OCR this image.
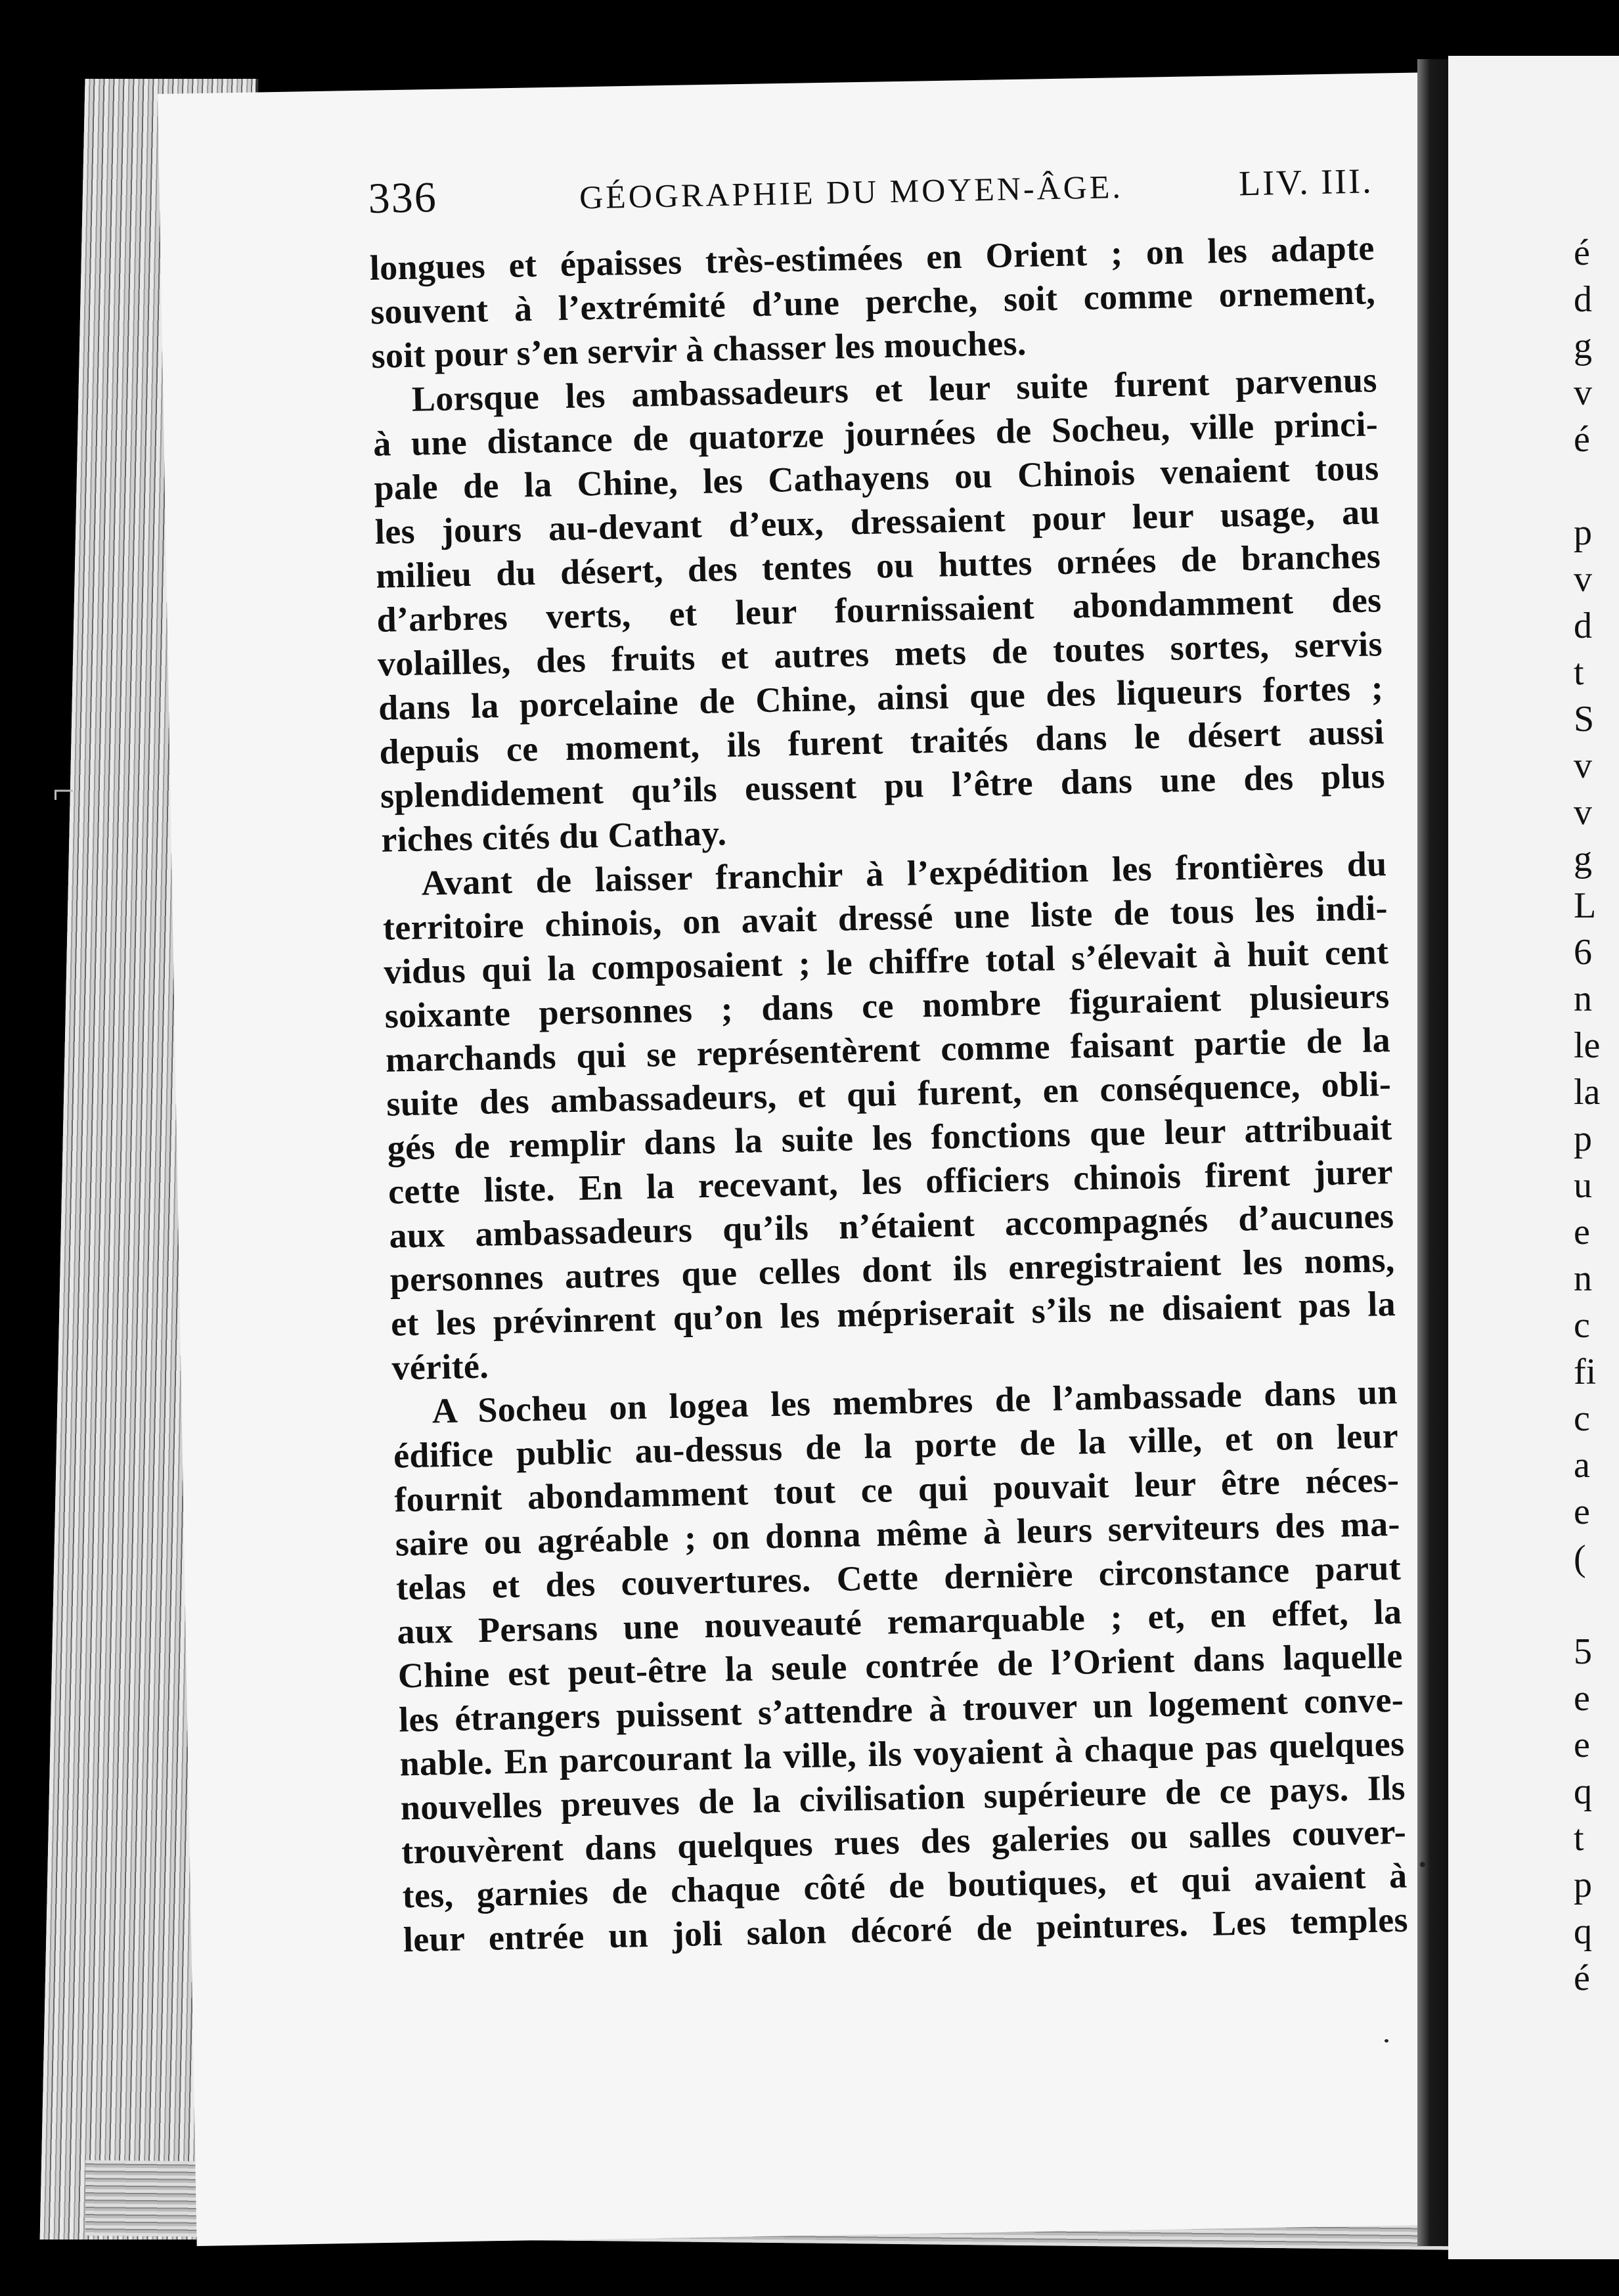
é
d
g
v
é
p
v
d
t
S
v
v
g
L
6
n
le
la
p
u
e
n
c
fi
c
a
e
(
5
e
e
q
t
p
q
é
⌐
336	GÉOGRAPHIE DU MOYEN-ÂGE.	LIV. III.
longues et épaisses très-estimées en Orient ; on les adapte
souvent à l’extrémité d’une perche, soit comme ornement,
soit pour s’en servir à chasser les mouches.
Lorsque les ambassadeurs et leur suite furent parvenus
à une distance de quatorze journées de Socheu, ville princi-
pale de la Chine, les Cathayens ou Chinois venaient tous
les jours au-devant d’eux, dressaient pour leur usage, au
milieu du désert, des tentes ou huttes ornées de branches
d’arbres verts, et leur fournissaient abondamment des
volailles, des fruits et autres mets de toutes sortes, servis
dans la porcelaine de Chine, ainsi que des liqueurs fortes ;
depuis ce moment, ils furent traités dans le désert aussi
splendidement qu’ils eussent pu l’être dans une des plus
riches cités du Cathay.
Avant de laisser franchir à l’expédition les frontières du
territoire chinois, on avait dressé une liste de tous les indi-
vidus qui la composaient ; le chiffre total s’élevait à huit cent
soixante personnes ; dans ce nombre figuraient plusieurs
marchands qui se représentèrent comme faisant partie de la
suite des ambassadeurs, et qui furent, en conséquence, obli-
gés de remplir dans la suite les fonctions que leur attribuait
cette liste. En la recevant, les officiers chinois firent jurer
aux ambassadeurs qu’ils n’étaient accompagnés d’aucunes
personnes autres que celles dont ils enregistraient les noms,
et les prévinrent qu’on les mépriserait s’ils ne disaient pas la
vérité.
A Socheu on logea les membres de l’ambassade dans un
édifice public au-dessus de la porte de la ville, et on leur
fournit abondamment tout ce qui pouvait leur être néces-
saire ou agréable ; on donna même à leurs serviteurs des ma-
telas et des couvertures. Cette dernière circonstance parut
aux Persans une nouveauté remarquable ; et, en effet, la
Chine est peut-être la seule contrée de l’Orient dans laquelle
les étrangers puissent s’attendre à trouver un logement conve-
nable. En parcourant la ville, ils voyaient à chaque pas quelques
nouvelles preuves de la civilisation supérieure de ce pays. Ils
trouvèrent dans quelques rues des galeries ou salles couver-
tes, garnies de chaque côté de boutiques, et qui avaient à
leur entrée un joli salon décoré de peintures. Les temples
